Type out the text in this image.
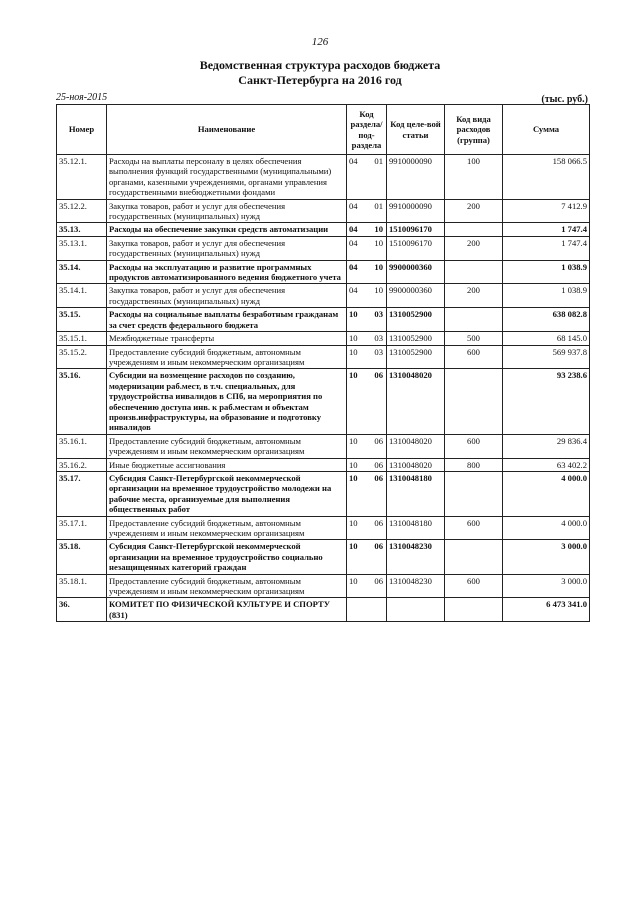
126
Ведомственная структура расходов бюджета
Санкт-Петербурга на 2016 год
25-ноя-2015	(тыс. руб.)
Номер	Наименование	Код раздела/ под-раздела	Код целе-вой статьи	Код вида расходов (группа)	Сумма
35.12.1.	Расходы на выплаты персоналу в целях обеспечения выполнения функций государственными (муниципальными) органами, казенными учреждениями, органами управления государственными внебюджетными фондами	04 01	9910000090	100	158 066.5
35.12.2.	Закупка товаров, работ и услуг для обеспечения государственных (муниципальных) нужд	04 01	9910000090	200	7 412.9
35.13.	Расходы на обеспечение закупки средств автоматизации	04 10	1510096170		1 747.4
35.13.1.	Закупка товаров, работ и услуг для обеспечения государственных (муниципальных) нужд	04 10	1510096170	200	1 747.4
35.14.	Расходы на эксплуатацию и развитие программных продуктов автоматизированного ведения бюджетного учета	04 10	9900000360		1 038.9
35.14.1.	Закупка товаров, работ и услуг для обеспечения государственных (муниципальных) нужд	04 10	9900000360	200	1 038.9
35.15.	Расходы на социальные выплаты безработным гражданам за счет средств федерального бюджета	10 03	1310052900		638 082.8
35.15.1.	Межбюджетные трансферты	10 03	1310052900	500	68 145.0
35.15.2.	Предоставление субсидий бюджетным, автономным учреждениям и иным некоммерческим организациям	10 03	1310052900	600	569 937.8
35.16.	Субсидии на возмещение расходов по созданию, модернизации раб.мест, в т.ч. специальных, для трудоустройства инвалидов в СПб, на мероприятия по обеспечению доступа инв. к раб.местам и объектам произв.инфраструктуры, на образование и подготовку инвалидов	10 06	1310048020		93 238.6
35.16.1.	Предоставление субсидий бюджетным, автономным учреждениям и иным некоммерческим организациям	10 06	1310048020	600	29 836.4
35.16.2.	Иные бюджетные ассигнования	10 06	1310048020	800	63 402.2
35.17.	Субсидия Санкт-Петербургской некоммерческой организации на временное трудоустройство молодежи на рабочие места, организуемые для выполнения общественных работ	10 06	1310048180		4 000.0
35.17.1.	Предоставление субсидий бюджетным, автономным учреждениям и иным некоммерческим организациям	10 06	1310048180	600	4 000.0
35.18.	Субсидия Санкт-Петербургской некоммерческой организации на временное трудоустройство социально незащищенных категорий граждан	10 06	1310048230		3 000.0
35.18.1.	Предоставление субсидий бюджетным, автономным учреждениям и иным некоммерческим организациям	10 06	1310048230	600	3 000.0
36.	КОМИТЕТ ПО ФИЗИЧЕСКОЙ КУЛЬТУРЕ И СПОРТУ (831)				6 473 341.0
